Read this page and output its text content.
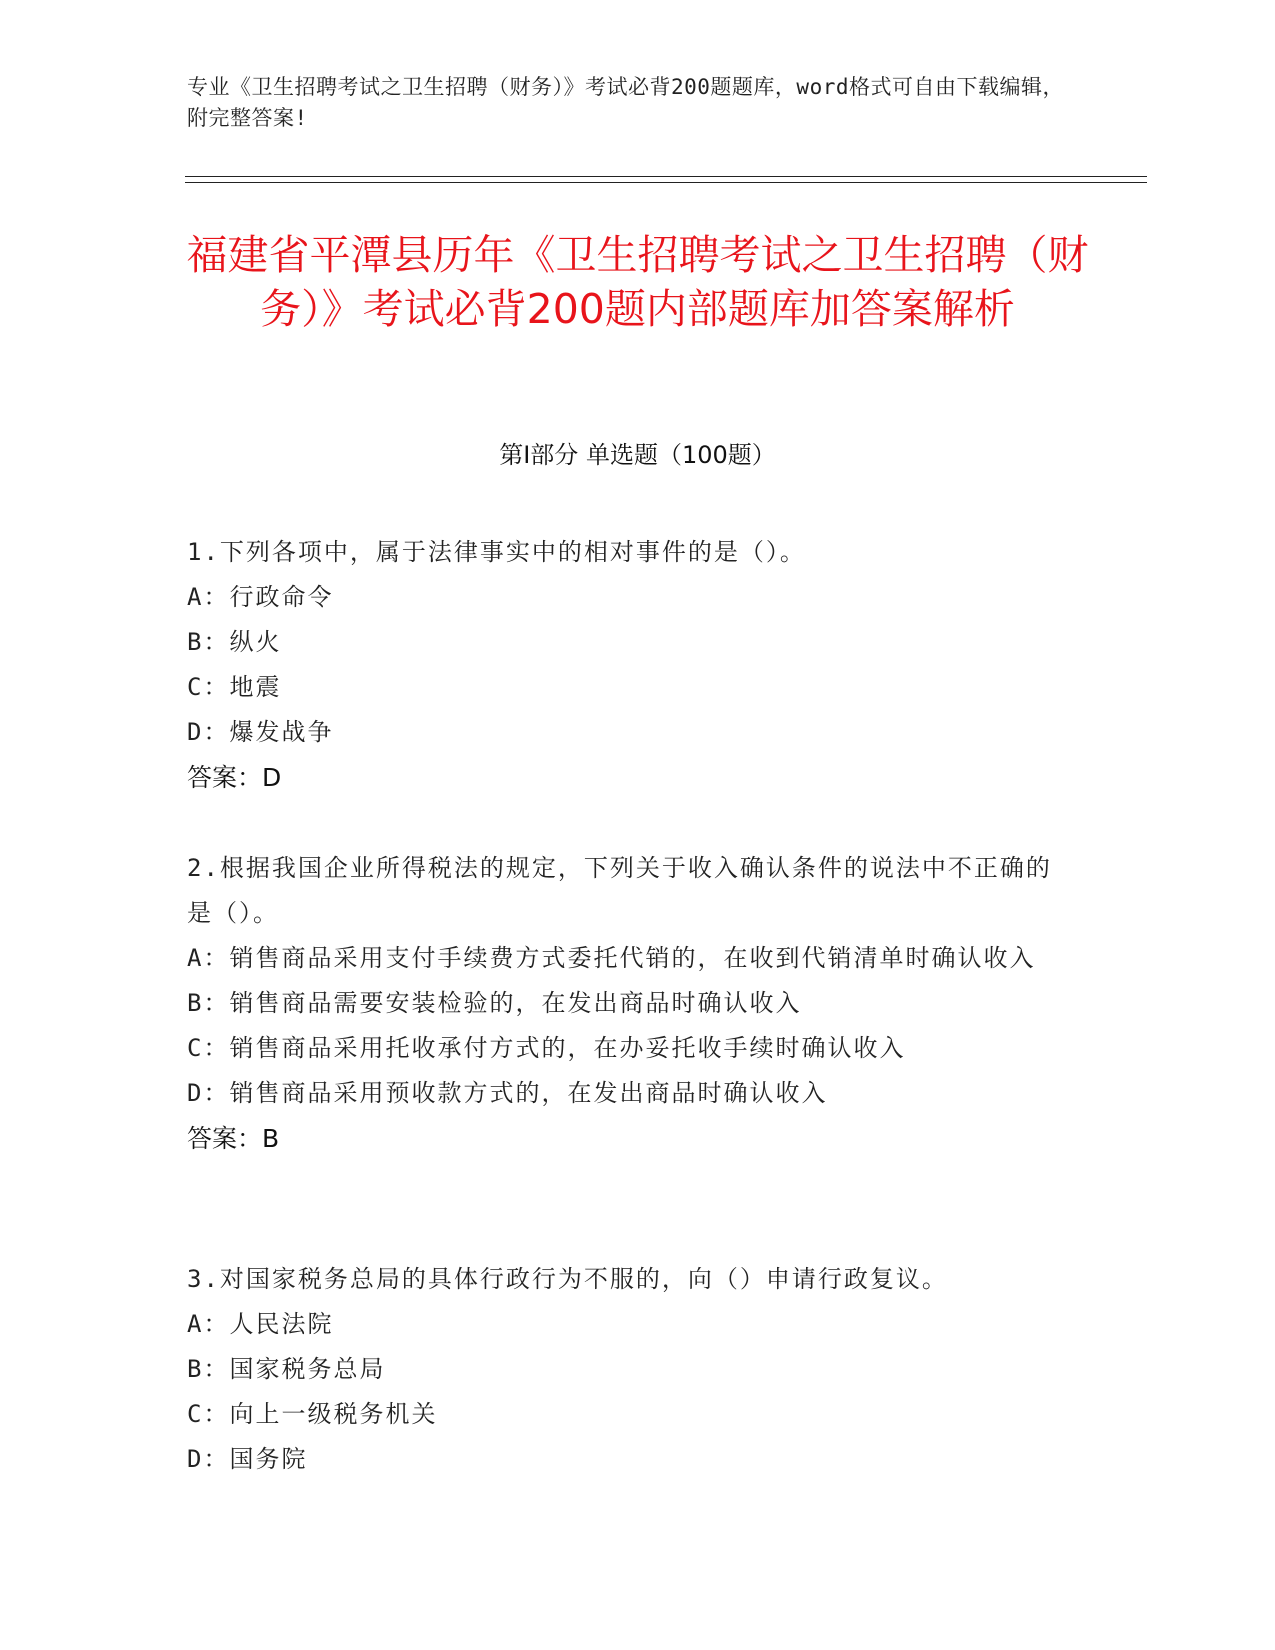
专业《卫生招聘考试之卫生招聘（财务）》考试必背200题题库，word格式可自由下载编辑，附完整答案!
福建省平潭县历年《卫生招聘考试之卫生招聘（财务）》考试必背200题内部题库加答案解析
第I部分 单选题（100题）

1.下列各项中，属于法律事实中的相对事件的是（）。

A：行政命令

B：纵火

C：地震

D：爆发战争

答案：D

2.根据我国企业所得税法的规定，下列关于收入确认条件的说法中不正确的是（）。

A：销售商品采用支付手续费方式委托代销的，在收到代销清单时确认收入

B：销售商品需要安装检验的，在发出商品时确认收入

C：销售商品采用托收承付方式的，在办妥托收手续时确认收入

D：销售商品采用预收款方式的，在发出商品时确认收入

答案：B

3.对国家税务总局的具体行政行为不服的，向（）申请行政复议。

A：人民法院

B：国家税务总局

C：向上一级税务机关

D：国务院
